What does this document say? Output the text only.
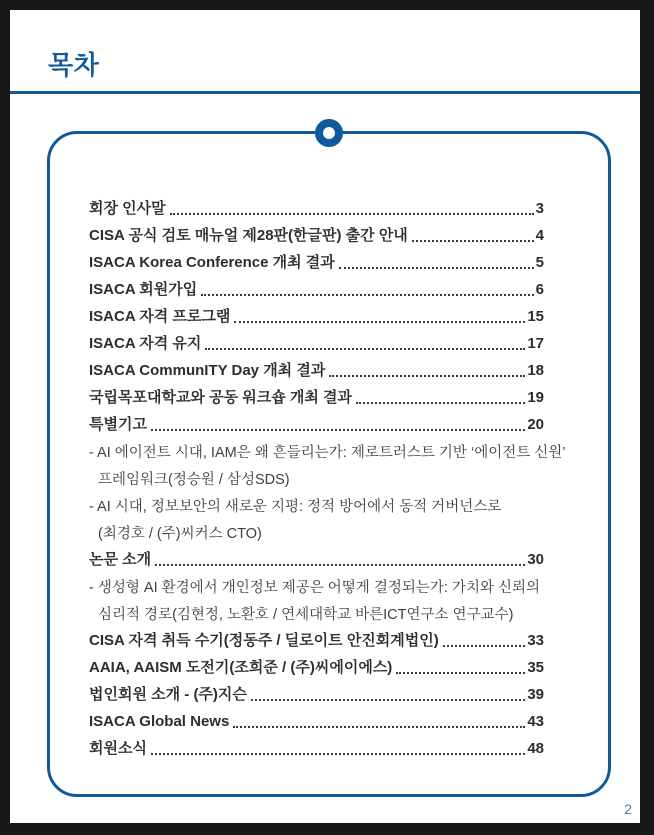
목차
회장 인사말	3
CISA 공식 검토 매뉴얼 제28판(한글판) 출간 안내	4
ISACA Korea Conference 개최 결과	5
ISACA 회원가입	6
ISACA 자격 프로그램	15
ISACA 자격 유지	17
ISACA CommunITY Day 개최 결과	18
국립목포대학교와 공동 워크숍 개최 결과	19
특별기고	20
- AI 에이전트 시대, IAM은 왜 흔들리는가: 제로트러스트 기반 ‘에이전트 신원’
프레임워크(정승원 / 삼성SDS)
- AI 시대, 정보보안의 새로운 지평: 정적 방어에서 동적 거버넌스로
(최경호 / (주)씨커스 CTO)
논문 소개	30
- 생성형 AI 환경에서 개인정보 제공은 어떻게 결정되는가: 가치와 신뢰의
심리적 경로(김현정, 노환호 / 연세대학교 바른ICT연구소 연구교수)
CISA 자격 취득 수기(정동주 / 딜로이트 안진회계법인)	33
AAIA, AAISM 도전기(조희준 / (주)씨에이에스)	35
법인회원 소개 - (주)지슨	39
ISACA Global News	43
회원소식	48
2
